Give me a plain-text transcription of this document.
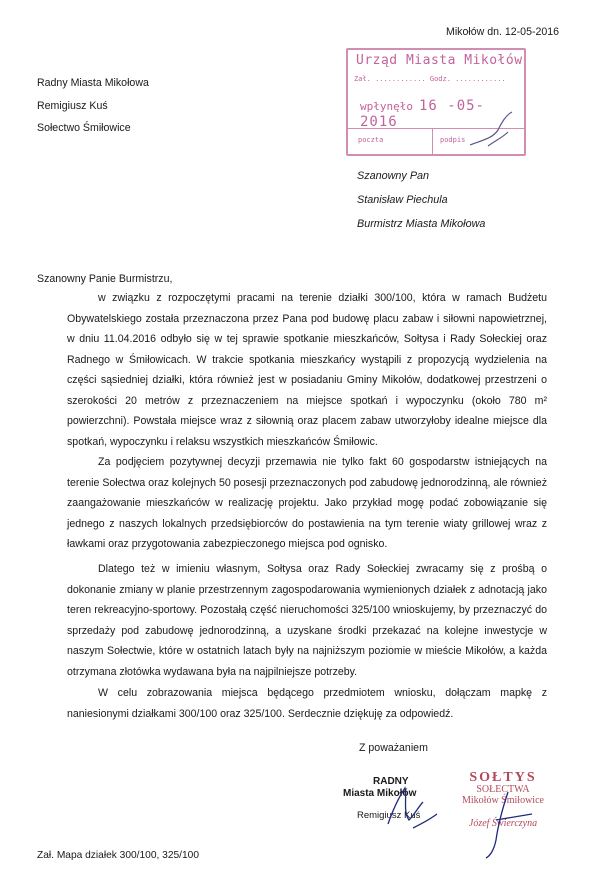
Mikołów dn. 12-05-2016
Radny Miasta Mikołowa
Remigiusz Kuś
Sołectwo Śmiłowice
Urząd Miasta Mikołów
Zał. ............ Godz. ............
wpłynęło 16 -05- 2016
poczta	podpis
Szanowny Pan
Stanisław Piechula
Burmistrz Miasta Mikołowa
Szanowny Panie Burmistrzu,
w związku z rozpoczętymi pracami na terenie działki 300/100, która w ramach Budżetu Obywatelskiego została przeznaczona przez Pana pod budowę placu zabaw i siłowni napowietrznej, w dniu 11.04.2016 odbyło się w tej sprawie spotkanie mieszkańców, Sołtysa i Rady Sołeckiej oraz Radnego w Śmiłowicach. W trakcie spotkania mieszkańcy wystąpili z propozycją wydzielenia na części sąsiedniej działki, która również jest w posiadaniu Gminy Mikołów, dodatkowej przestrzeni o szerokości 20 metrów z przeznaczeniem na miejsce spotkań i wypoczynku (około 780 m² powierzchni). Powstała miejsce wraz z siłownią oraz placem zabaw utworzyłoby idealne miejsce dla spotkań, wypoczynku i relaksu wszystkich mieszkańców Śmiłowic.
Za podjęciem pozytywnej decyzji przemawia nie tylko fakt 60 gospodarstw istniejących na terenie Sołectwa oraz kolejnych 50 posesji przeznaczonych pod zabudowę jednorodzinną, ale również zaangażowanie mieszkańców w realizację projektu. Jako przykład mogę podać zobowiązanie się jednego z naszych lokalnych przedsiębiorców do postawienia na tym terenie wiaty grillowej wraz z ławkami oraz przygotowania zabezpieczonego miejsca pod ognisko.
Dlatego też w imieniu własnym, Sołtysa oraz Rady Sołeckiej zwracamy się z prośbą o dokonanie zmiany w planie przestrzennym zagospodarowania wymienionych działek z adnotacją jako teren rekreacyjno-sportowy. Pozostałą część nieruchomości 325/100 wnioskujemy, by przeznaczyć do sprzedaży pod zabudowę jednorodzinną, a uzyskane środki przekazać na kolejne inwestycje w naszym Sołectwie, które w ostatnich latach były na najniższym poziomie w mieście Mikołów, a każda otrzymana złotówka wydawana była na najpilniejsze potrzeby.
W celu zobrazowania miejsca będącego przedmiotem wniosku, dołączam mapkę z naniesionymi działkami 300/100 oraz 325/100. Serdecznie dziękuję za odpowiedź.
Z poważaniem
RADNY
Miasta Mikołów
Remigiusz Kuś
SOŁTYS
SOŁECTWA
Mikołów Śmiłowice
Józef Świerczyna
Zał. Mapa działek 300/100, 325/100
